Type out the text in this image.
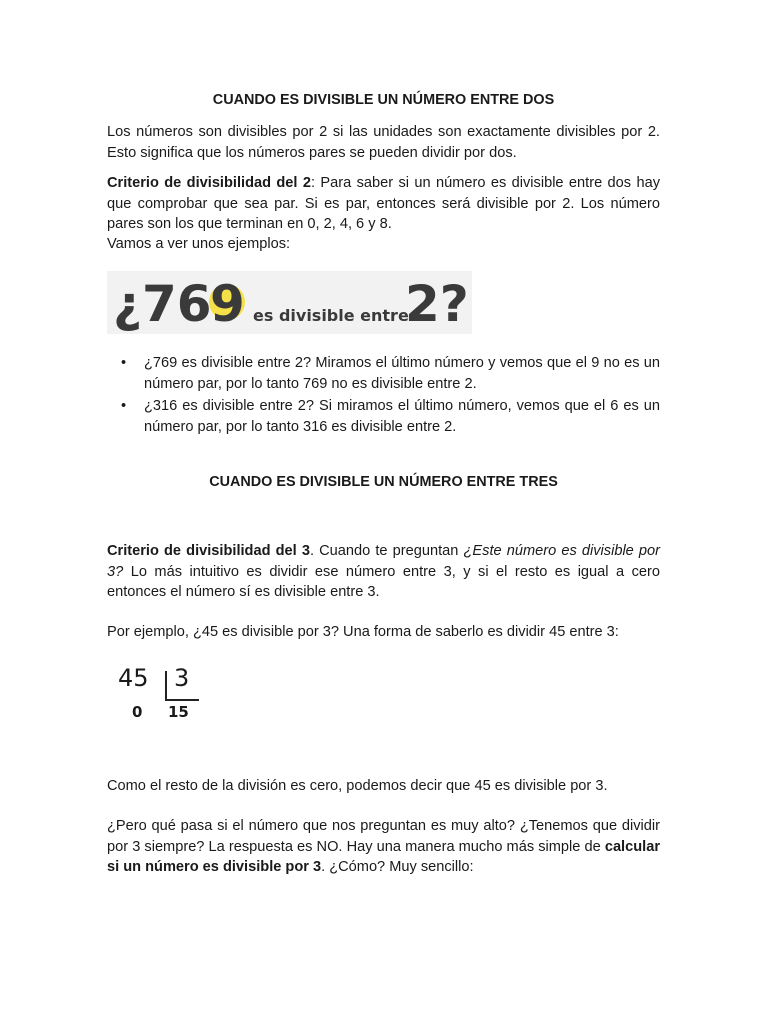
CUANDO ES DIVISIBLE UN NÚMERO ENTRE DOS

Los números son divisibles por 2 si las unidades son exactamente divisibles por 2. Esto significa que los números pares se pueden dividir por dos.

Criterio de divisibilidad del 2: Para saber si un número es divisible entre dos hay que comprobar que sea par. Si es par, entonces será divisible por 2. Los número pares son los que terminan en 0, 2, 4, 6 y 8.

Vamos a ver unos ejemplos:

¿76
9 es divisible entre
2?
• ¿769 es divisible entre 2? Miramos el último número y vemos que el 9 no es un número par, por lo tanto 769 no es divisible entre 2.
• ¿316 es divisible entre 2? Si miramos el último número, vemos que el 6 es un número par, por lo tanto 316 es divisible entre 2.
CUANDO ES DIVISIBLE UN NÚMERO ENTRE TRES

Criterio de divisibilidad del 3. Cuando te preguntan ¿Este número es divisible por 3? Lo más intuitivo es dividir ese número entre 3, y si el resto es igual a cero entonces el número sí es divisible entre 3.

Por ejemplo, ¿45 es divisible por 3? Una forma de saberlo es dividir 45 entre 3:

Como el resto de la división es cero, podemos decir que 45 es divisible por 3.

¿Pero qué pasa si el número que nos preguntan es muy alto? ¿Tenemos que dividir por 3 siempre? La respuesta es NO. Hay una manera mucho más simple de calcular si un número es divisible por 3. ¿Cómo? Muy sencillo:

45 3
0 15
